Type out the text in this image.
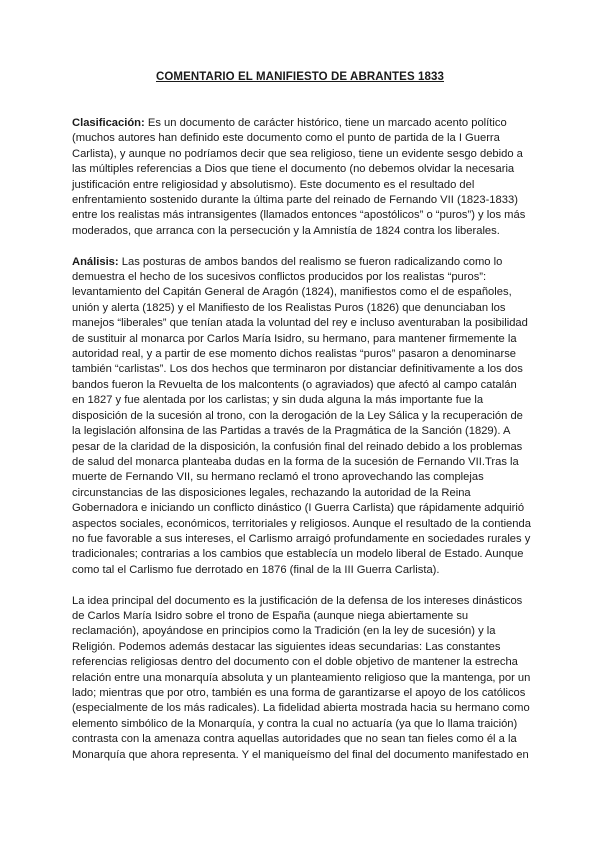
COMENTARIO EL MANIFIESTO DE ABRANTES 1833

Clasificación: Es un documento de carácter histórico, tiene un marcado acento político (muchos autores han definido este documento como el punto de partida de la I Guerra Carlista), y aunque no podríamos decir que sea religioso, tiene un evidente sesgo debido a las múltiples referencias a Dios que tiene el documento (no debemos olvidar la necesaria justificación entre religiosidad y absolutismo). Este documento es el resultado del enfrentamiento sostenido durante la última parte del reinado de Fernando VII (1823-1833) entre los realistas más intransigentes (llamados entonces “apostólicos” o “puros”) y los más moderados, que arranca con la persecución y la Amnistía de 1824 contra los liberales.

Análisis: Las posturas de ambos bandos del realismo se fueron radicalizando como lo demuestra el hecho de los sucesivos conflictos producidos por los realistas “puros”: levantamiento del Capitán General de Aragón (1824), manifiestos como el de españoles, unión y alerta (1825) y el Manifiesto de los Realistas Puros (1826) que denunciaban los manejos “liberales” que tenían atada la voluntad del rey e incluso aventuraban la posibilidad de sustituir al monarca por Carlos María Isidro, su hermano, para mantener firmemente la autoridad real, y a partir de ese momento dichos realistas “puros” pasaron a denominarse también “carlistas”. Los dos hechos que terminaron por distanciar definitivamente a los dos bandos fueron la Revuelta de los malcontents (o agraviados) que afectó al campo catalán en 1827 y fue alentada por los carlistas; y sin duda alguna la más importante fue la disposición de la sucesión al trono, con la derogación de la Ley Sálica y la recuperación de la legislación alfonsina de las Partidas a través de la Pragmática de la Sanción (1829). A pesar de la claridad de la disposición, la confusión final del reinado debido a los problemas de salud del monarca planteaba dudas en la forma de la sucesión de Fernando VII.Tras la muerte de Fernando VII, su hermano reclamó el trono aprovechando las complejas circunstancias de las disposiciones legales, rechazando la autoridad de la Reina Gobernadora e iniciando un conflicto dinástico (I Guerra Carlista) que rápidamente adquirió aspectos sociales, económicos, territoriales y religiosos. Aunque el resultado de la contienda no fue favorable a sus intereses, el Carlismo arraigó profundamente en sociedades rurales y tradicionales; contrarias a los cambios que establecía un modelo liberal de Estado. Aunque como tal el Carlismo fue derrotado en 1876 (final de la III Guerra Carlista).

La idea principal del documento es la justificación de la defensa de los intereses dinásticos de Carlos María Isidro sobre el trono de España (aunque niega abiertamente su reclamación), apoyándose en principios como la Tradición (en la ley de sucesión) y la Religión. Podemos además destacar las siguientes ideas secundarias: Las constantes referencias religiosas dentro del documento con el doble objetivo de mantener la estrecha relación entre una monarquía absoluta y un planteamiento religioso que la mantenga, por un lado; mientras que por otro, también es una forma de garantizarse el apoyo de los católicos (especialmente de los más radicales). La fidelidad abierta mostrada hacia su hermano como elemento simbólico de la Monarquía, y contra la cual no actuaría (ya que lo llama traición) contrasta con la amenaza contra aquellas autoridades que no sean tan fieles como él a la Monarquía que ahora representa. Y el maniqueísmo del final del documento manifestado en
